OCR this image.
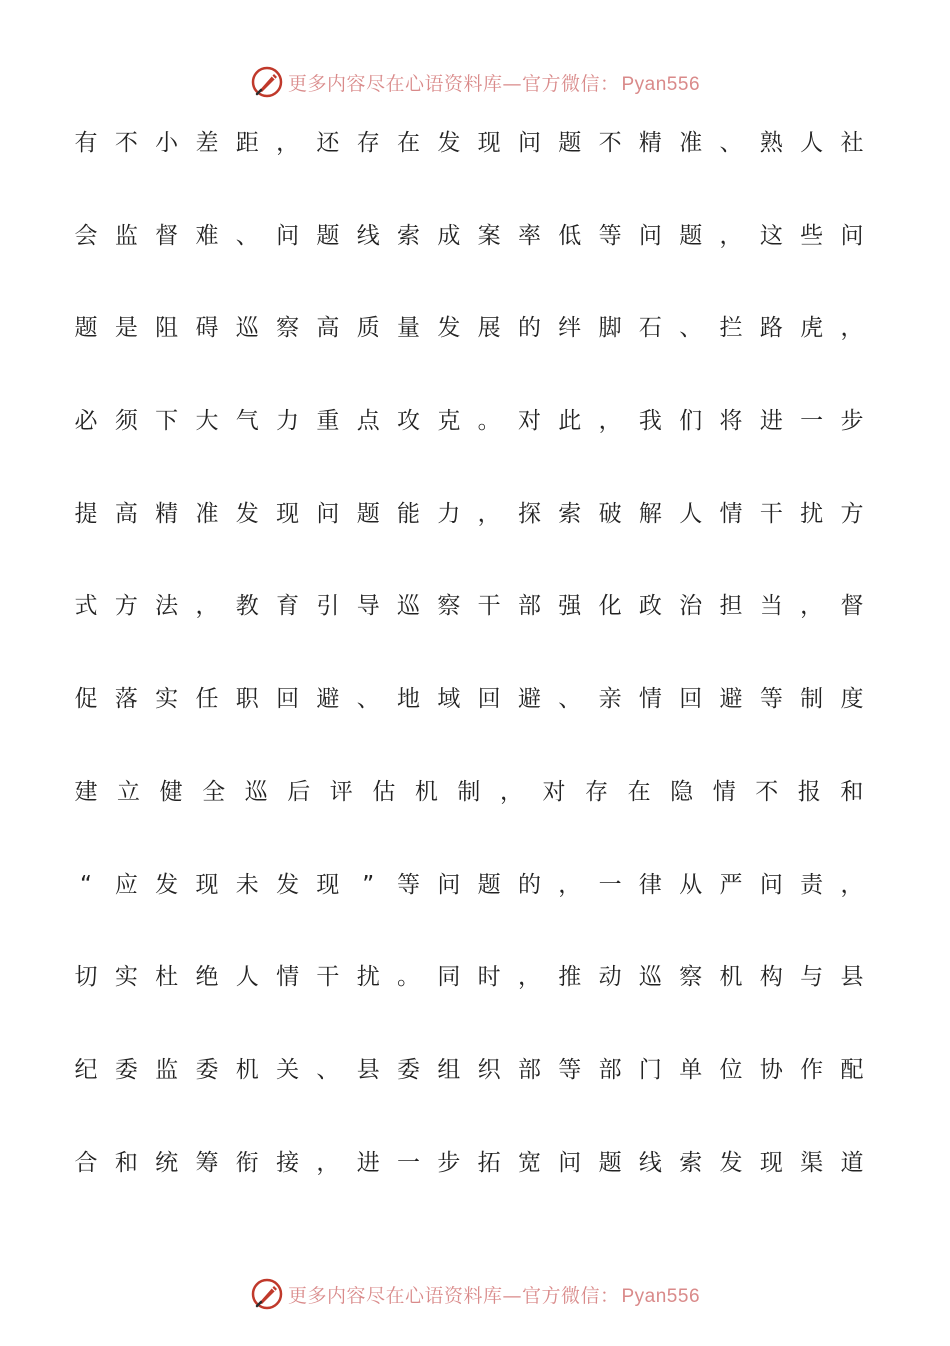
更多内容尽在心语资料库—官方微信： Pyan556
有 不 小 差 距 ， 还 存 在 发 现 问 题 不 精 准 、 熟 人 社
会 监 督 难 、 问 题 线 索 成 案 率 低 等 问 题 ， 这 些 问
题 是 阻 碍 巡 察 高 质 量 发 展 的 绊 脚 石 、 拦 路 虎 ，
必 须 下 大 气 力 重 点 攻 克 。 对 此 ， 我 们 将 进 一 步
提 高 精 准 发 现 问 题 能 力 ， 探 索 破 解 人 情 干 扰 方
式 方 法 ， 教 育 引 导 巡 察 干 部 强 化 政 治 担 当 ， 督
促 落 实 任 职 回 避 、 地 域 回 避 、 亲 情 回 避 等 制 度
建 立 健 全 巡 后 评 估 机 制 ， 对 存 在 隐 情 不 报 和
“ 应 发 现 未 发 现 ” 等 问 题 的 ， 一 律 从 严 问 责 ，
切 实 杜 绝 人 情 干 扰 。 同 时 ， 推 动 巡 察 机 构 与 县
纪 委 监 委 机 关 、 县 委 组 织 部 等 部 门 单 位 协 作 配
合 和 统 筹 衔 接 ， 进 一 步 拓 宽 问 题 线 索 发 现 渠 道
更多内容尽在心语资料库—官方微信： Pyan556
